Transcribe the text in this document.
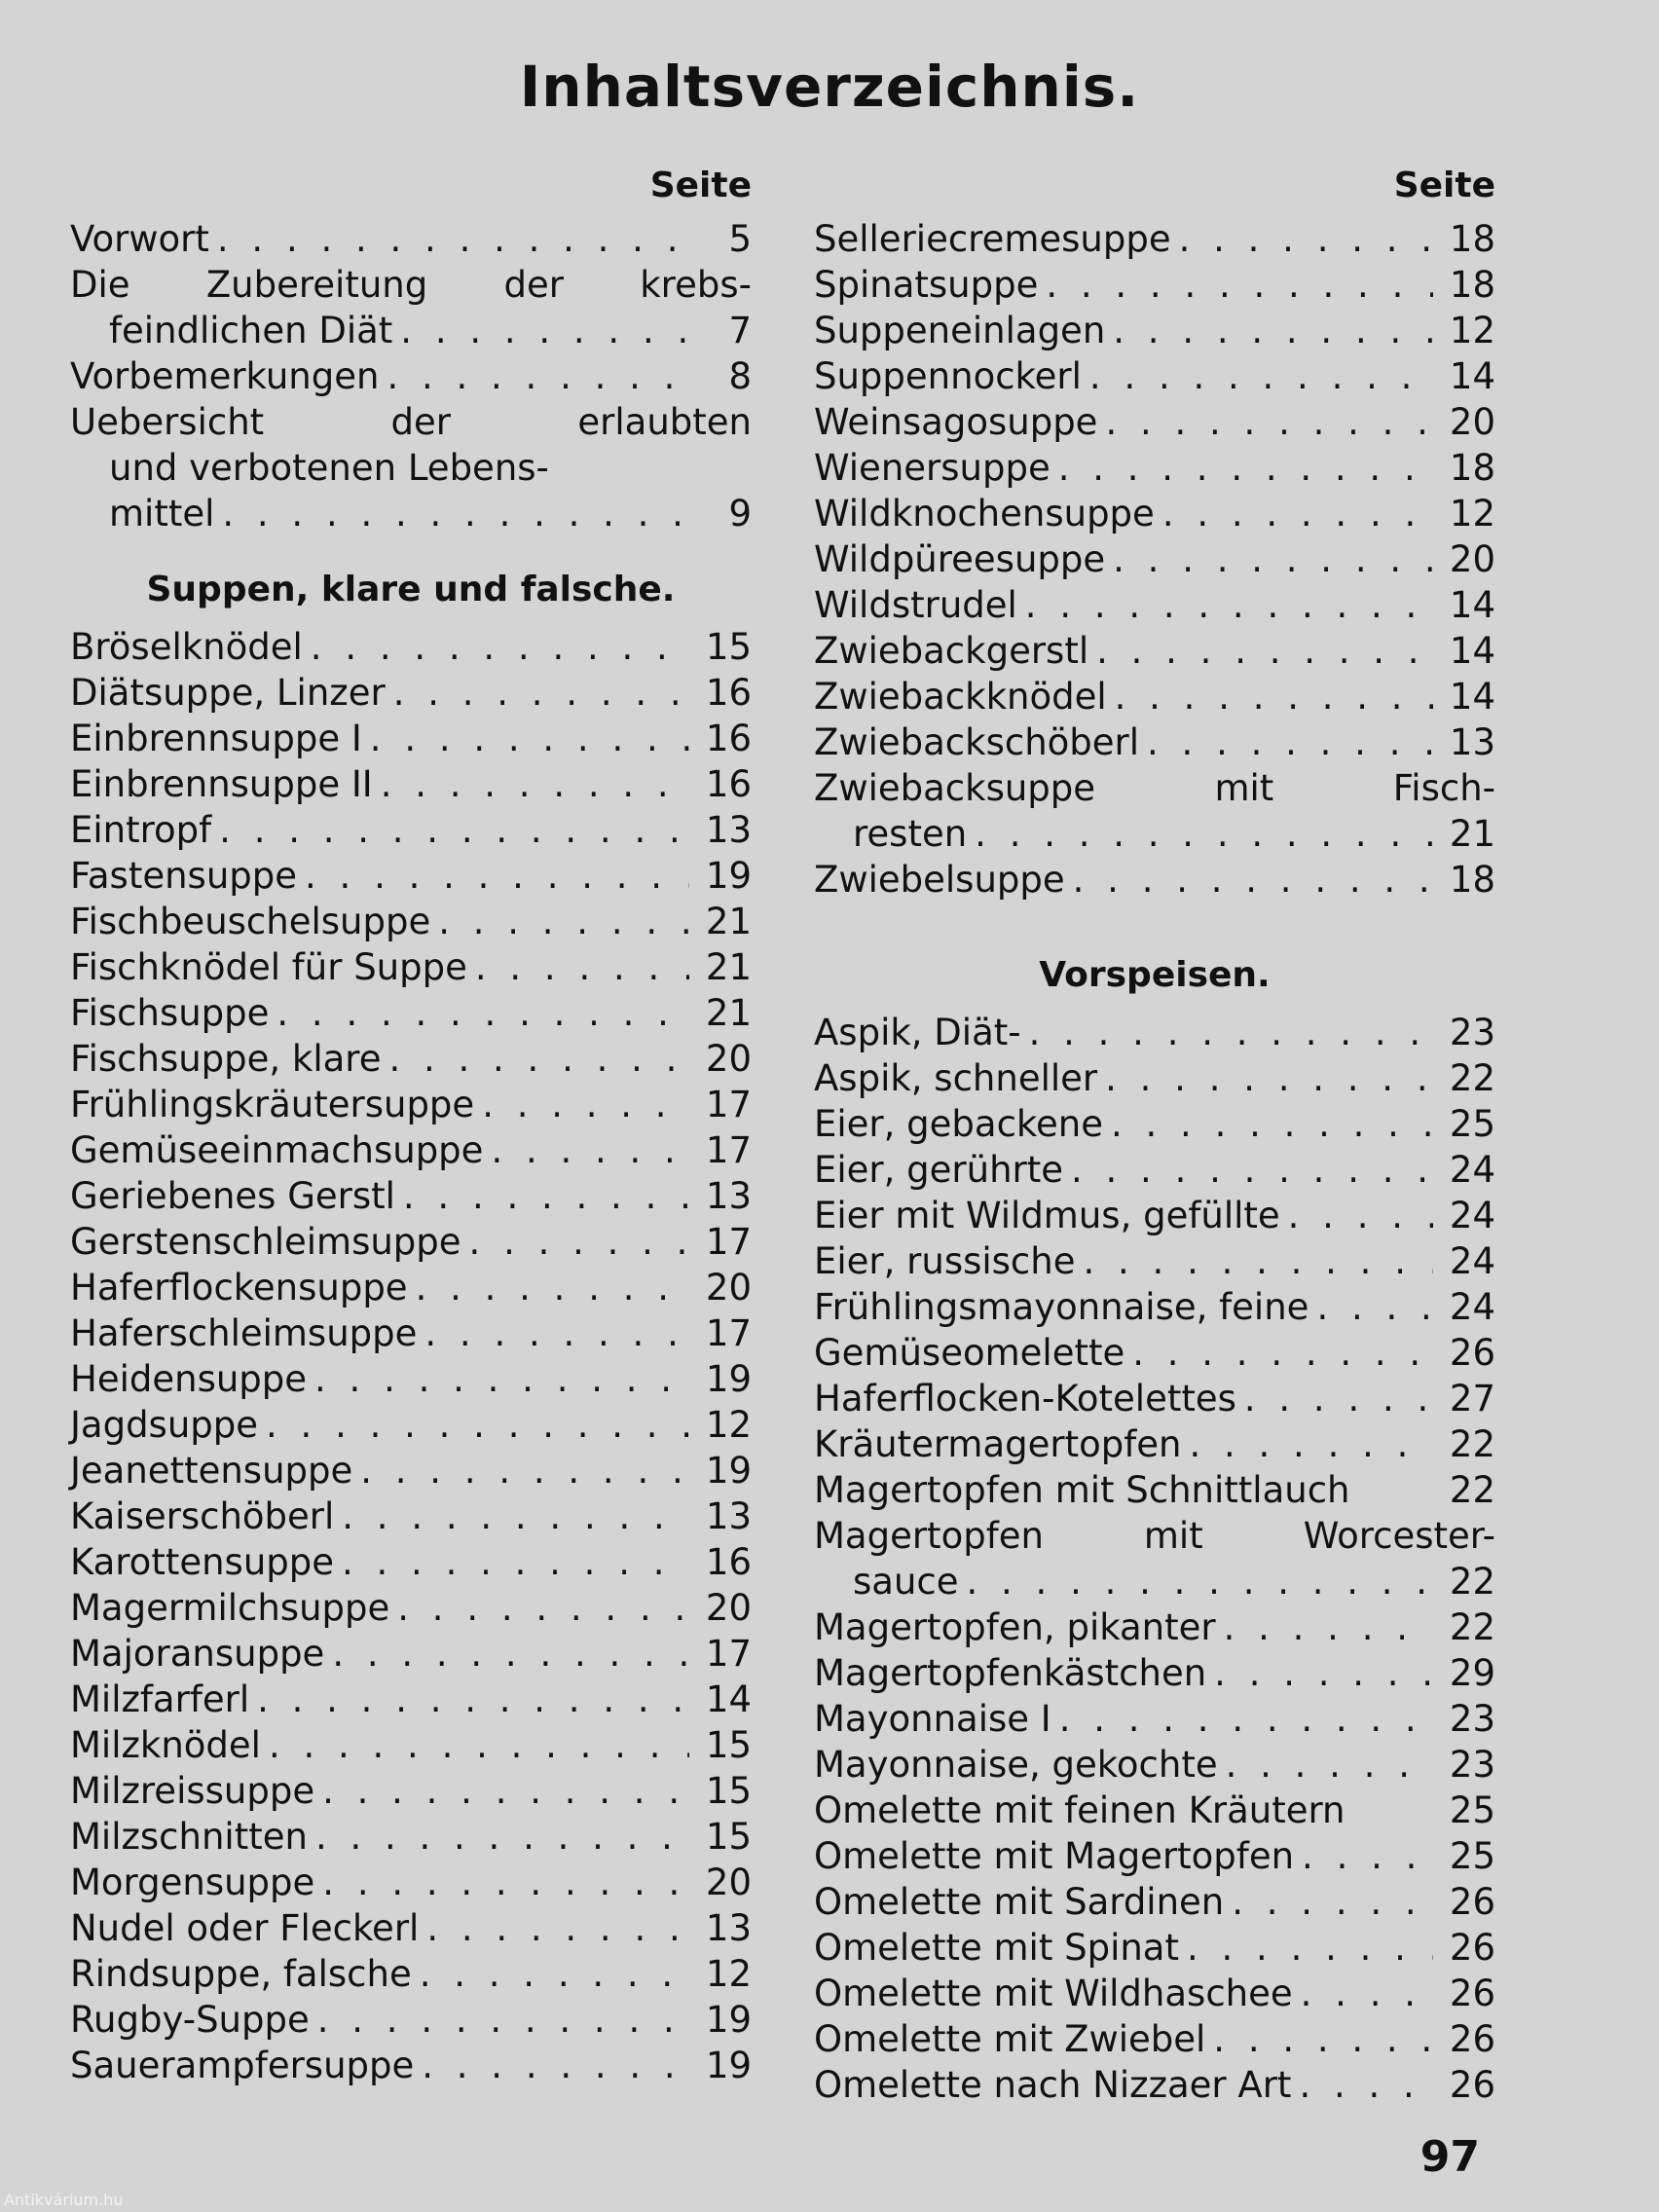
Inhaltsverzeichnis.
Seite
Vorwort . . .	5
Die Zubereitung der krebs-
feindlichen Diät . . .	7
Vorbemerkungen . . .	8
Uebersicht	der	erlaubten
und verbotenen Lebens-
mittel . . .	9
Suppen, klare und falsche.
Bröselknödel . . .	15
Diätsuppe, Linzer . . .	16
Einbrennsuppe I . . .	16
Einbrennsuppe II . . .	16
Eintropf . . .	13
Fastensuppe . . .	19
Fischbeuschelsuppe . . .	21
Fischknödel für Suppe . . .	21
Fischsuppe . . .	21
Fischsuppe, klare . . .	20
Frühlingskräutersuppe . . .	17
Gemüseeinmachsuppe . . .	17
Geriebenes Gerstl . . .	13
Gerstenschleimsuppe . . .	17
Haferflockensuppe . . .	20
Haferschleimsuppe . . .	17
Heidensuppe . . .	19
Jagdsuppe . . .	12
Jeanettensuppe . . .	19
Kaiserschöberl . . .	13
Karottensuppe . . .	16
Magermilchsuppe . . .	20
Majoransuppe . . .	17
Milzfarferl . . .	14
Milzknödel . . .	15
Milzreissuppe . . .	15
Milzschnitten . . .	15
Morgensuppe . . .	20
Nudel oder Fleckerl . . .	13
Rindsuppe, falsche . . .	12
Rugby-Suppe . . .	19
Sauerampfersuppe . . .	19
Seite
Selleriecremesuppe . . .	18
Spinatsuppe . . .	18
Suppeneinlagen . . .	12
Suppennockerl . . .	14
Weinsagosuppe . . .	20
Wienersuppe . . .	18
Wildknochensuppe . . .	12
Wildpüreesuppe . . .	20
Wildstrudel . . .	14
Zwiebackgerstl . . .	14
Zwiebackknödel . . .	14
Zwiebackschöberl . . .	13
Zwiebacksuppe	mit	Fisch-
resten . . .	21
Zwiebelsuppe . . .	18
Vorspeisen.
Aspik, Diät- . . .	23
Aspik, schneller . . .	22
Eier, gebackene . . .	25
Eier, gerührte . . .	24
Eier mit Wildmus, gefüllte . . .	24
Eier, russische . . .	24
Frühlingsmayonnaise, feine . . .	24
Gemüseomelette . . .	26
Haferflocken-Kotelettes . . .	27
Kräutermagertopfen . . .	22
Magertopfen mit Schnittlauch	22
Magertopfen	mit	Worcester-
sauce . . .	22
Magertopfen, pikanter . . .	22
Magertopfenkästchen . . .	29
Mayonnaise I . . .	23
Mayonnaise, gekochte . . .	23
Omelette mit feinen Kräutern	25
Omelette mit Magertopfen . . .	25
Omelette mit Sardinen . . .	26
Omelette mit Spinat . . .	26
Omelette mit Wildhaschee . . .	26
Omelette mit Zwiebel . . .	26
Omelette nach Nizzaer Art . . .	26
97
Antikvárium.hu
